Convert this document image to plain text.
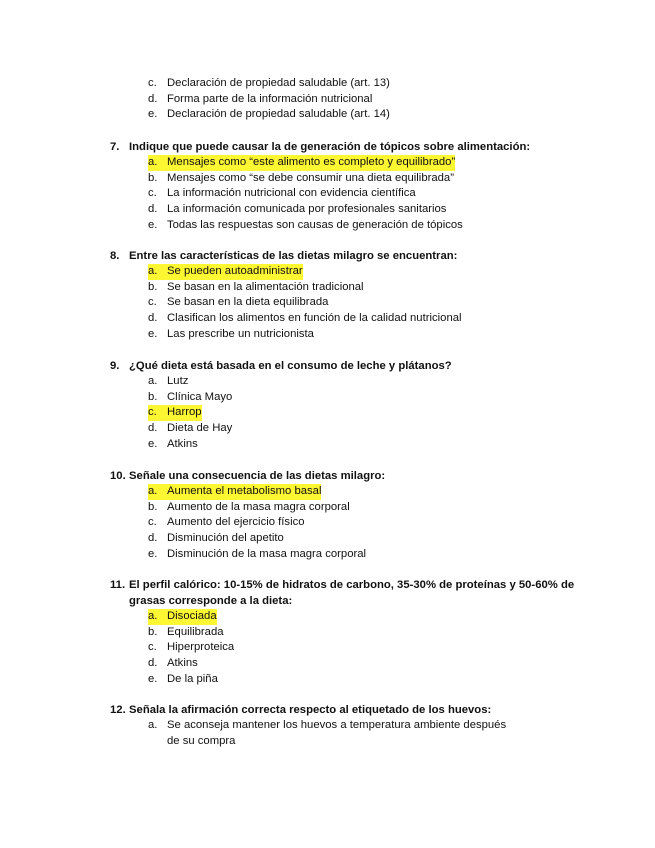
c. Declaración de propiedad saludable (art. 13)
d. Forma parte de la información nutricional
e. Declaración de propiedad saludable (art. 14)
7. Indique que puede causar la de generación de tópicos sobre alimentación:
a. Mensajes como “este alimento es completo y equilibrado”
b. Mensajes como “se debe consumir una dieta equilibrada”
c. La información nutricional con evidencia científica
d. La información comunicada por profesionales sanitarios
e. Todas las respuestas son causas de generación de tópicos
8. Entre las características de las dietas milagro se encuentran:
a. Se pueden autoadministrar
b. Se basan en la alimentación tradicional
c. Se basan en la dieta equilibrada
d. Clasifican los alimentos en función de la calidad nutricional
e. Las prescribe un nutricionista
9. ¿Qué dieta está basada en el consumo de leche y plátanos?
a. Lutz
b. Clínica Mayo
c. Harrop
d. Dieta de Hay
e. Atkins
10. Señale una consecuencia de las dietas milagro:
a. Aumenta el metabolismo basal
b. Aumento de la masa magra corporal
c. Aumento del ejercicio físico
d. Disminución del apetito
e. Disminución de la masa magra corporal
11. El perfil calórico: 10-15% de hidratos de carbono, 35-30% de proteínas y 50-60% de grasas corresponde a la dieta:
a. Disociada
b. Equilibrada
c. Hiperproteica
d. Atkins
e. De la piña
12. Señala la afirmación correcta respecto al etiquetado de los huevos:
a. Se aconseja mantener los huevos a temperatura ambiente después de su compra
